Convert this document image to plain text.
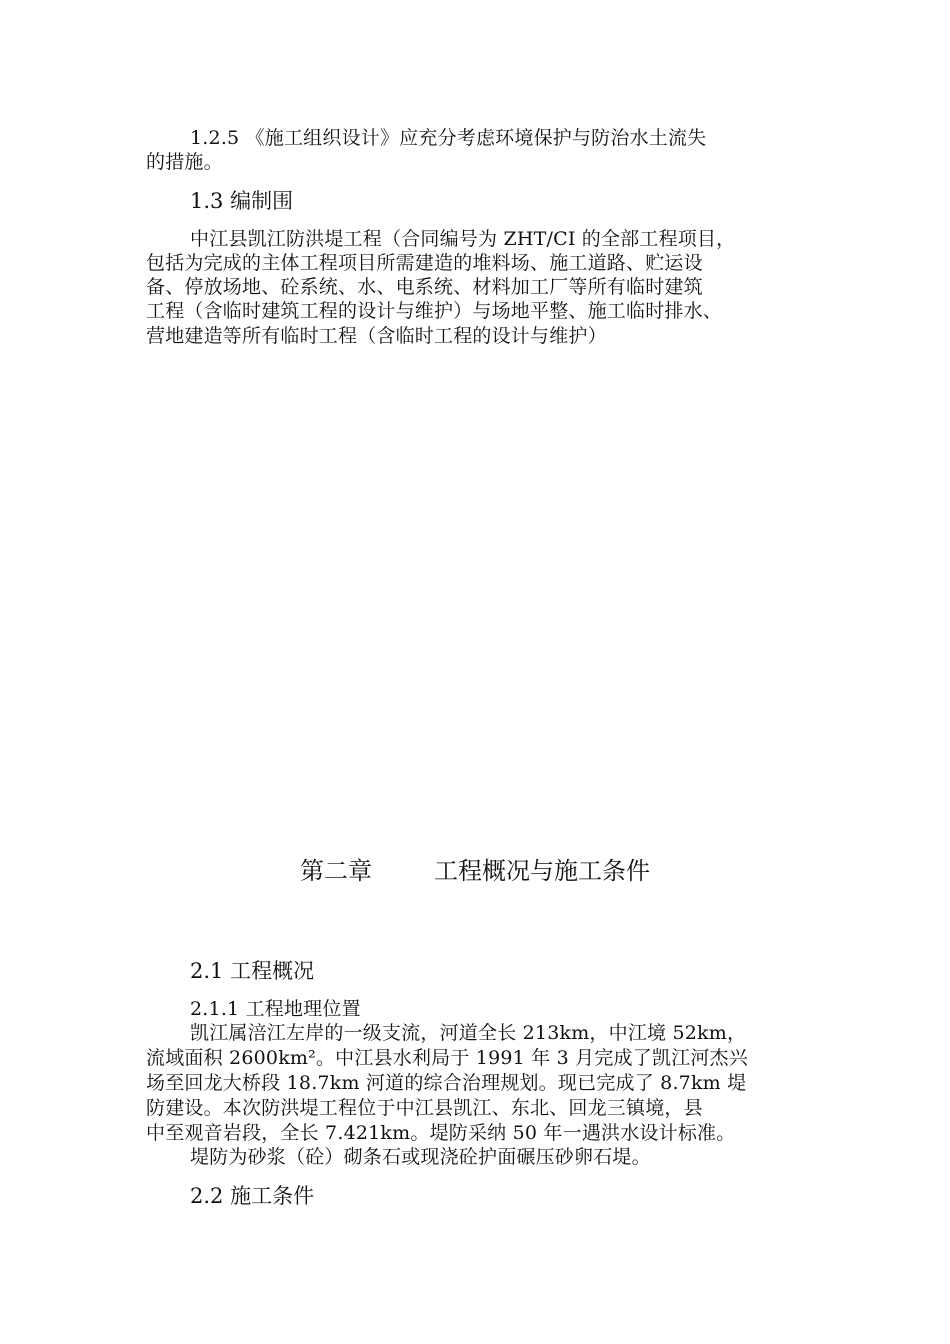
1.2.5 《施工组织设计》应充分考虑环境保护与防治水土流失
的措施。
1.3 编制围
中江县凯江防洪堤工程（合同编号为 ZHT/CⅠ 的全部工程项目，
包括为完成的主体工程项目所需建造的堆料场、施工道路、贮运设
备、停放场地、砼系统、水、电系统、材料加工厂等所有临时建筑
工程（含临时建筑工程的设计与维护）与场地平整、施工临时排水、
营地建造等所有临时工程（含临时工程的设计与维护）
第二章	工程概况与施工条件
2.1 工程概况
2.1.1 工程地理位置
凯江属涪江左岸的一级支流，河道全长 213km，中江境 52km，
流域面积 2600km²。中江县水利局于 1991 年 3 月完成了凯江河杰兴
场至回龙大桥段 18.7km 河道的综合治理规划。现已完成了 8.7km 堤
防建设。本次防洪堤工程位于中江县凯江、东北、回龙三镇境，县
中至观音岩段，全长 7.421km。堤防采纳 50 年一遇洪水设计标准。
堤防为砂浆（砼）砌条石或现浇砼护面碾压砂卵石堤。
2.2 施工条件
